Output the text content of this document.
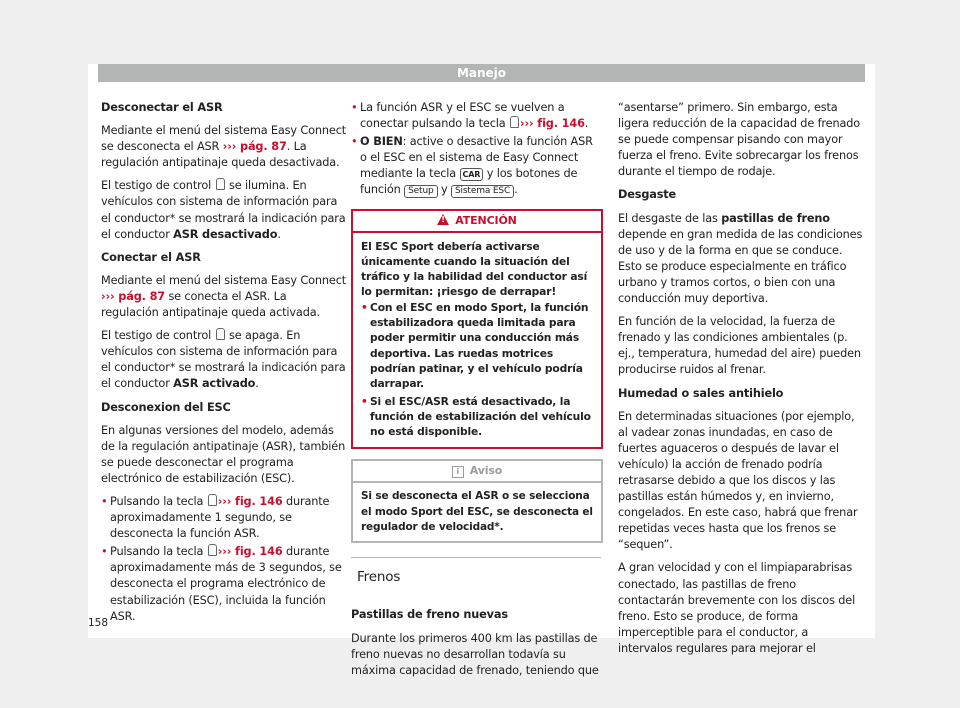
Manejo

Desconectar el ASR

Mediante el menú del sistema Easy Connect se desconecta el ASR ››› pág. 87. La regulación antipatinaje queda desactivada.

El testigo de control  se ilumina. En vehículos con sistema de información para el conductor* se mostrará la indicación para el conductor ASR desactivado.

Conectar el ASR

Mediante el menú del sistema Easy Connect ››› pág. 87 se conecta el ASR. La regulación antipatinaje queda activada.

El testigo de control  se apaga. En vehículos con sistema de información para el conductor* se mostrará la indicación para el conductor ASR activado.

Desconexion del ESC

En algunas versiones del modelo, además de la regulación antipatinaje (ASR), también se puede desconectar el programa electrónico de estabilización (ESC).

• Pulsando la tecla ››› fig. 146 durante aproximadamente 1 segundo, se desconecta la función ASR.
• Pulsando la tecla ››› fig. 146 durante aproximadamente más de 3 segundos, se desconecta el programa electrónico de estabilización (ESC), incluida la función ASR.
• La función ASR y el ESC se vuelven a conectar pulsando la tecla ››› fig. 146.
• O BIEN: active o desactive la función ASR o el ESC en el sistema de Easy Connect mediante la tecla CAR y los botones de función Setup y Sistema ESC .
! ATENCIÓN
El ESC Sport debería activarse únicamente cuando la situación del tráfico y la habilidad del conductor así lo permitan: ¡riesgo de derrapar!
• Con el ESC en modo Sport, la función estabilizadora queda limitada para poder permitir una conducción más deportiva. Las ruedas motrices podrían patinar, y el vehículo podría darrapar.
• Si el ESC/ASR está desactivado, la función de estabilización del vehículo no está disponible.
i Aviso
Si se desconecta el ASR o se selecciona el modo Sport del ESC, se desconecta el regulador de velocidad*.
Frenos

Pastillas de freno nuevas

Durante los primeros 400 km las pastillas de freno nuevas no desarrollan todavía su máxima capacidad de frenado, teniendo que

“asentarse” primero. Sin embargo, esta ligera reducción de la capacidad de frenado se puede compensar pisando con mayor fuerza el freno. Evite sobrecargar los frenos durante el tiempo de rodaje.

Desgaste

El desgaste de las pastillas de freno depende en gran medida de las condiciones de uso y de la forma en que se conduce. Esto se produce especialmente en tráfico urbano y tramos cortos, o bien con una conducción muy deportiva.

En función de la velocidad, la fuerza de frenado y las condiciones ambientales (p. ej., temperatura, humedad del aire) pueden producirse ruidos al frenar.

Humedad o sales antihielo

En determinadas situaciones (por ejemplo, al vadear zonas inundadas, en caso de fuertes aguaceros o después de lavar el vehículo) la acción de frenado podría retrasarse debido a que los discos y las pastillas están húmedos y, en invierno, congelados. En este caso, habrá que frenar repetidas veces hasta que los frenos se “sequen”.

A gran velocidad y con el limpiaparabrisas conectado, las pastillas de freno contactarán brevemente con los discos del freno. Esto se produce, de forma imperceptible para el conductor, a intervalos regulares para mejorar el

158
